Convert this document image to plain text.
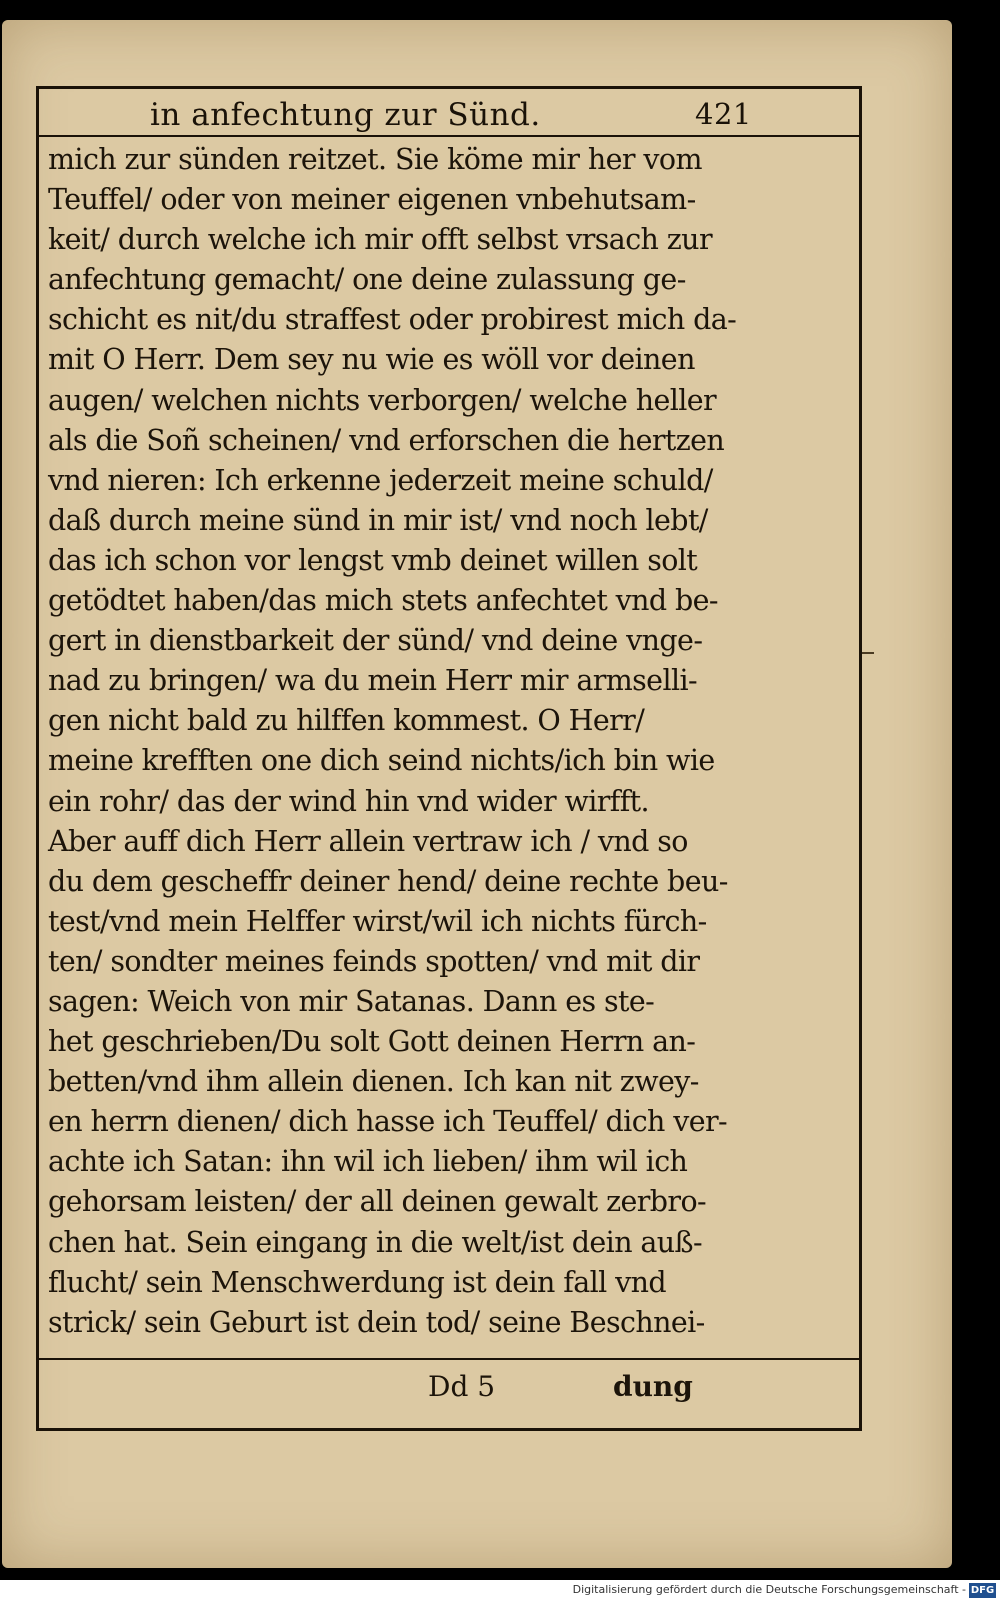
in anfechtung zur Sünd.	421
mich zur sünden reitzet. Sie köme mir her vom
Teuffel/ oder von meiner eigenen vnbehutsam-
keit/ durch welche ich mir offt selbst vrsach zur
anfechtung gemacht/ one deine zulassung ge-
schicht es nit/du straffest oder probirest mich da-
mit O Herr. Dem sey nu wie es wöll vor deinen
augen/ welchen nichts verborgen/ welche heller
als die Soñ scheinen/ vnd erforschen die hertzen
vnd nieren: Ich erkenne jederzeit meine schuld/
daß durch meine sünd in mir ist/ vnd noch lebt/
das ich schon vor lengst vmb deinet willen solt
getödtet haben/das mich stets anfechtet vnd be-
gert in dienstbarkeit der sünd/ vnd deine vnge-
nad zu bringen/ wa du mein Herr mir armselli-
gen nicht bald zu hilffen kommest. O Herr/
meine krefften one dich seind nichts/ich bin wie
ein rohr/ das der wind hin vnd wider wirfft.
Aber auff dich Herr allein vertraw ich / vnd so
du dem gescheffr deiner hend/ deine rechte beu-
test/vnd mein Helffer wirst/wil ich nichts fürch-
ten/ sondter meines feinds spotten/ vnd mit dir
sagen: Weich von mir Satanas. Dann es ste-
het geschrieben/Du solt Gott deinen Herrn an-
betten/vnd ihm allein dienen. Ich kan nit zwey-
en herrn dienen/ dich hasse ich Teuffel/ dich ver-
achte ich Satan: ihn wil ich lieben/ ihm wil ich
gehorsam leisten/ der all deinen gewalt zerbro-
chen hat. Sein eingang in die welt/ist dein auß-
flucht/ sein Menschwerdung ist dein fall vnd
strick/ sein Geburt ist dein tod/ seine Beschnei-
Dd 5	dung
Digitalisierung gefördert durch die Deutsche Forschungsgemeinschaft - DFG
